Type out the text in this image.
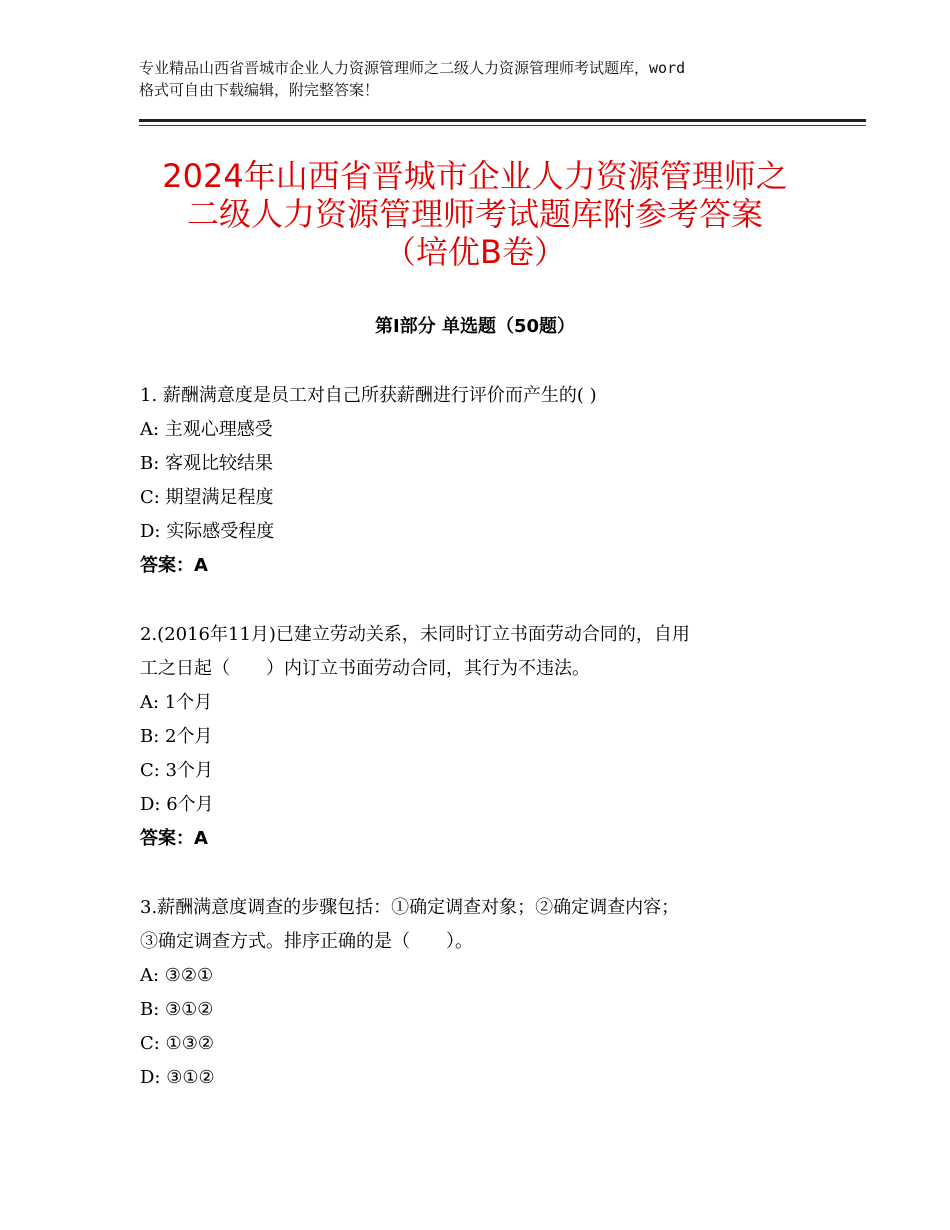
专业精品山西省晋城市企业人力资源管理师之二级人力资源管理师考试题库，word
格式可自由下载编辑，附完整答案！
2024年山西省晋城市企业人力资源管理师之
二级人力资源管理师考试题库附参考答案
（培优B卷）
第Ⅰ部分 单选题（50题）
1. 薪酬满意度是员工对自己所获薪酬进行评价而产生的( )
A: 主观心理感受
B: 客观比较结果
C: 期望满足程度
D: 实际感受程度
答案：A
2.(2016年11月)已建立劳动关系，未同时订立书面劳动合同的，自用
工之日起（　　）内订立书面劳动合同，其行为不违法。
A: 1个月
B: 2个月
C: 3个月
D: 6个月
答案：A
3.薪酬满意度调查的步骤包括：①确定调查对象；②确定调查内容；
③确定调查方式。排序正确的是（　　）。
A: ③②①
B: ③①②
C: ①③②
D: ③①②
